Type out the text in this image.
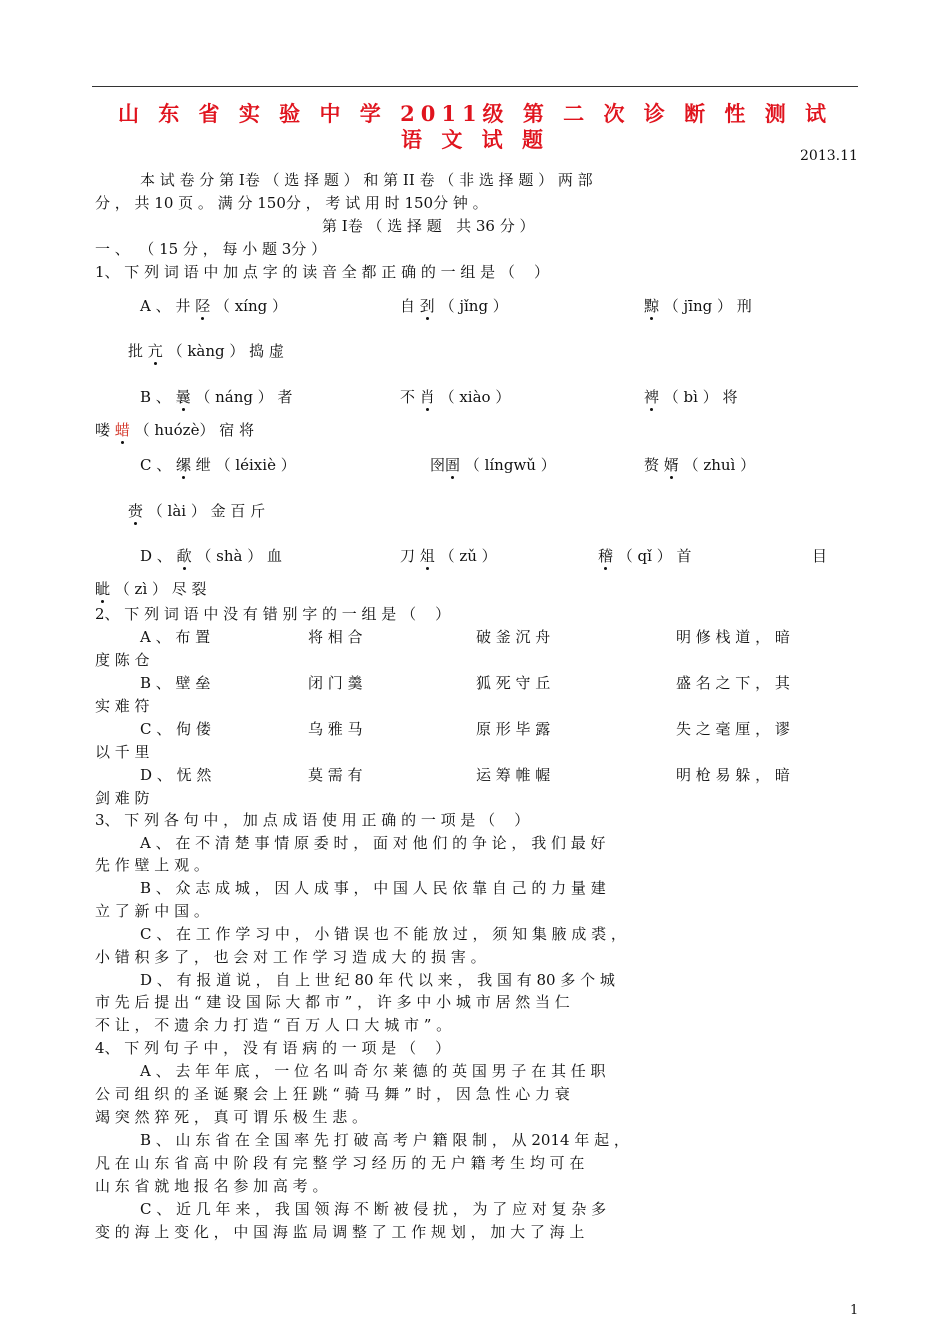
山 东 省 实 验 中 学 2011级 第 二 次 诊 断 性 测 试
语 文 试 题
2013.11
本 试 卷 分 第 I卷 （ 选 择 题 ） 和 第 II 卷 （ 非 选 择 题 ） 两 部
分 ， 共 10 页 。 满 分 150分 ， 考 试 用 时 150分 钟 。
第 I卷 （ 选 择 题   共 36 分 ）
一 、  （ 15 分 ， 每 小 题 3分 ）
1、 下 列 词 语 中 加 点 字 的 读 音 全 都 正 确 的 一 组 是 （    ）
A 、 井 陉 （ xíng ）	自 刭 （ jǐng ）	黥 （ jīng ） 刑
批 亢 （ kàng ） 捣 虚
B 、 曩 （ náng ） 者	不 肖 （ xiào ）	裨 （ bì ） 将
喽 蜡 （ huózè） 宿 将
C 、 缧 绁 （ léixiè ）	囹圄 （ língwǔ ）	赘 婿 （ zhuì ）
赍 （ lài ） 金 百 斤
D 、 歃 （ shà ） 血	刀 俎 （ zǔ ）	稽 （ qǐ ） 首	目
眦 （ zì ） 尽 裂
2、 下 列 词 语 中 没 有 错 别 字 的 一 组 是 （    ）
A 、 布 置	将 相 合	破 釜 沉 舟	明 修 栈 道 ， 暗
度 陈 仓
B 、 壁 垒	闭 门 羹	狐 死 守 丘	盛 名 之 下 ， 其
实 难 符
C 、 佝 偻	乌 雅 马	原 形 毕 露	失 之 毫 厘 ， 谬
以 千 里
D 、 怃 然	莫 需 有	运 筹 帷 幄	明 枪 易 躲 ， 暗
剑 难 防
3、 下 列 各 句 中 ， 加 点 成 语 使 用 正 确 的 一 项 是 （    ）
A 、 在 不 清 楚 事 情 原 委 时 ， 面 对 他 们 的 争 论 ， 我 们 最 好
先 作 壁 上 观 。
B 、 众 志 成 城 ， 因 人 成 事 ， 中 国 人 民 依 靠 自 己 的 力 量 建
立 了 新 中 国 。
C 、 在 工 作 学 习 中 ， 小 错 误 也 不 能 放 过 ， 须 知 集 腋 成 裘 ，
小 错 积 多 了 ， 也 会 对 工 作 学 习 造 成 大 的 损 害 。
D 、 有 报 道 说 ， 自 上 世 纪 80 年 代 以 来 ， 我 国 有 80 多 个 城
市 先 后 提 出 “ 建 设 国 际 大 都 市 ” ， 许 多 中 小 城 市 居 然 当 仁
不 让 ， 不 遗 余 力 打 造 “ 百 万 人 口 大 城 市 ” 。
4、 下 列 句 子 中 ， 没 有 语 病 的 一 项 是 （    ）
A 、 去 年 年 底 ， 一 位 名 叫 奇 尔 莱 德 的 英 国 男 子 在 其 任 职
公 司 组 织 的 圣 诞 聚 会 上 狂 跳 “ 骑 马 舞 ” 时 ， 因 急 性 心 力 衰
竭 突 然 猝 死 ， 真 可 谓 乐 极 生 悲 。
B 、 山 东 省 在 全 国 率 先 打 破 高 考 户 籍 限 制 ， 从 2014 年 起 ，
凡 在 山 东 省 高 中 阶 段 有 完 整 学 习 经 历 的 无 户 籍 考 生 均 可 在
山 东 省 就 地 报 名 参 加 高 考 。
C 、 近 几 年 来 ， 我 国 领 海 不 断 被 侵 扰 ， 为 了 应 对 复 杂 多
变 的 海 上 变 化 ， 中 国 海 监 局 调 整 了 工 作 规 划 ， 加 大 了 海 上
1
